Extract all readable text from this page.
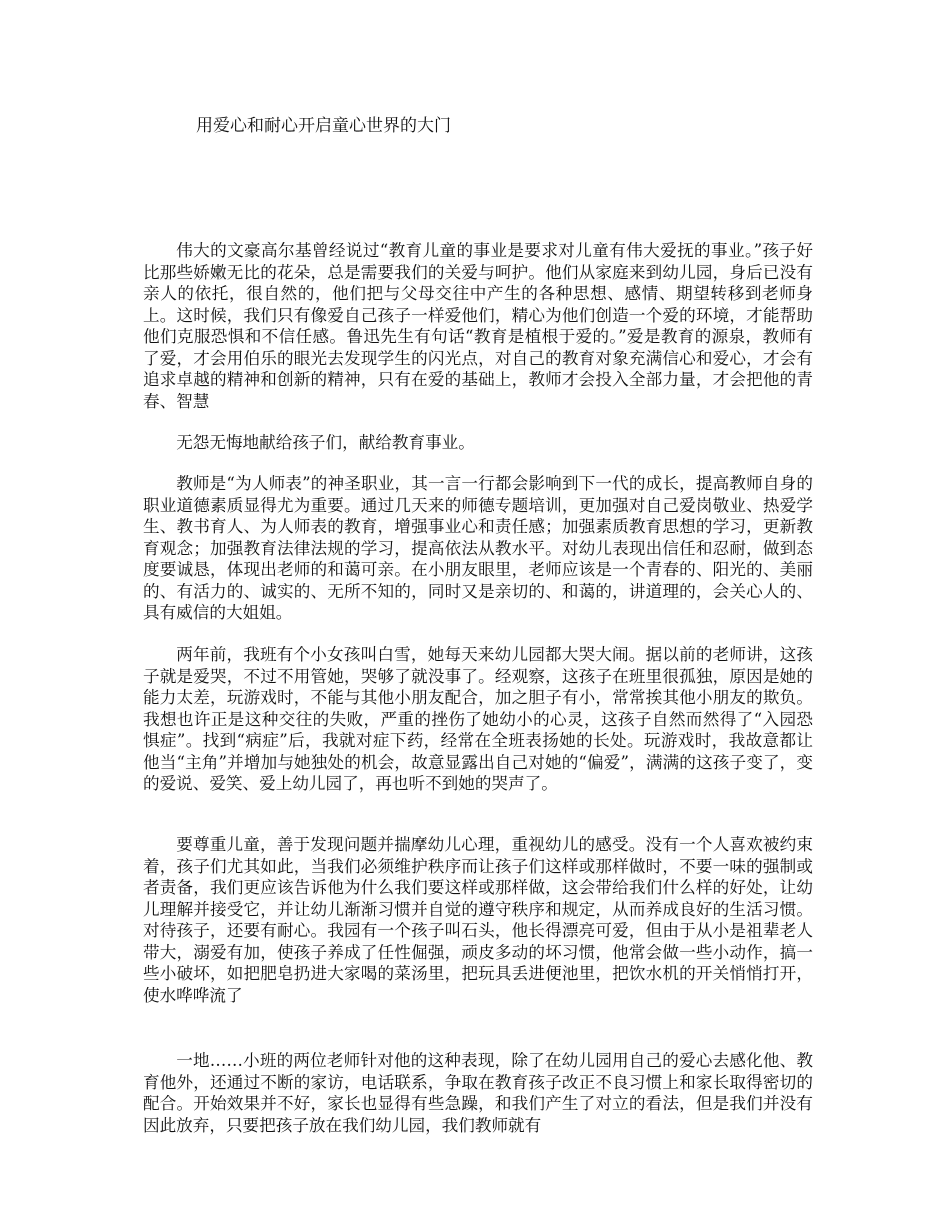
用爱心和耐心开启童心世界的大门

伟大的文豪高尔基曾经说过“教育儿童的事业是要求对儿童有伟大爱抚的事业。”孩子好比那些娇嫩无比的花朵，总是需要我们的关爱与呵护。他们从家庭来到幼儿园，身后已没有亲人的依托，很自然的，他们把与父母交往中产生的各种思想、感情、期望转移到老师身上。这时候，我们只有像爱自己孩子一样爱他们，精心为他们创造一个爱的环境，才能帮助他们克服恐惧和不信任感。鲁迅先生有句话“教育是植根于爱的。”爱是教育的源泉，教师有了爱，才会用伯乐的眼光去发现学生的闪光点，对自己的教育对象充满信心和爱心，才会有追求卓越的精神和创新的精神，只有在爱的基础上，教师才会投入全部力量，才会把他的青春、智慧

无怨无悔地献给孩子们，献给教育事业。

教师是“为人师表”的神圣职业，其一言一行都会影响到下一代的成长，提高教师自身的职业道德素质显得尤为重要。通过几天来的师德专题培训，更加强对自己爱岗敬业、热爱学生、教书育人、为人师表的教育，增强事业心和责任感；加强素质教育思想的学习，更新教育观念；加强教育法律法规的学习，提高依法从教水平。对幼儿表现出信任和忍耐，做到态度要诚恳，体现出老师的和蔼可亲。在小朋友眼里，老师应该是一个青春的、阳光的、美丽的、有活力的、诚实的、无所不知的，同时又是亲切的、和蔼的，讲道理的，会关心人的、具有威信的大姐姐。

两年前，我班有个小女孩叫白雪，她每天来幼儿园都大哭大闹。据以前的老师讲，这孩子就是爱哭，不过不用管她，哭够了就没事了。经观察，这孩子在班里很孤独，原因是她的能力太差，玩游戏时，不能与其他小朋友配合，加之胆子有小，常常挨其他小朋友的欺负。我想也许正是这种交往的失败，严重的挫伤了她幼小的心灵，这孩子自然而然得了“入园恐惧症”。找到“病症”后，我就对症下药，经常在全班表扬她的长处。玩游戏时，我故意都让他当“主角”并增加与她独处的机会，故意显露出自己对她的“偏爱”，满满的这孩子变了，变的爱说、爱笑、爱上幼儿园了，再也听不到她的哭声了。

要尊重儿童，善于发现问题并揣摩幼儿心理，重视幼儿的感受。没有一个人喜欢被约束着，孩子们尤其如此，当我们必须维护秩序而让孩子们这样或那样做时，不要一味的强制或者责备，我们更应该告诉他为什么我们要这样或那样做，这会带给我们什么样的好处，让幼儿理解并接受它，并让幼儿渐渐习惯并自觉的遵守秩序和规定，从而养成良好的生活习惯。对待孩子，还要有耐心。我园有一个孩子叫石头，他长得漂亮可爱，但由于从小是祖辈老人带大，溺爱有加，使孩子养成了任性倔强，顽皮多动的坏习惯，他常会做一些小动作，搞一些小破坏，如把肥皂扔进大家喝的菜汤里，把玩具丢进便池里，把饮水机的开关悄悄打开，使水哗哗流了

一地……小班的两位老师针对他的这种表现，除了在幼儿园用自己的爱心去感化他、教育他外，还通过不断的家访，电话联系，争取在教育孩子改正不良习惯上和家长取得密切的配合。开始效果并不好，家长也显得有些急躁，和我们产生了对立的看法，但是我们并没有因此放弃，只要把孩子放在我们幼儿园，我们教师就有
